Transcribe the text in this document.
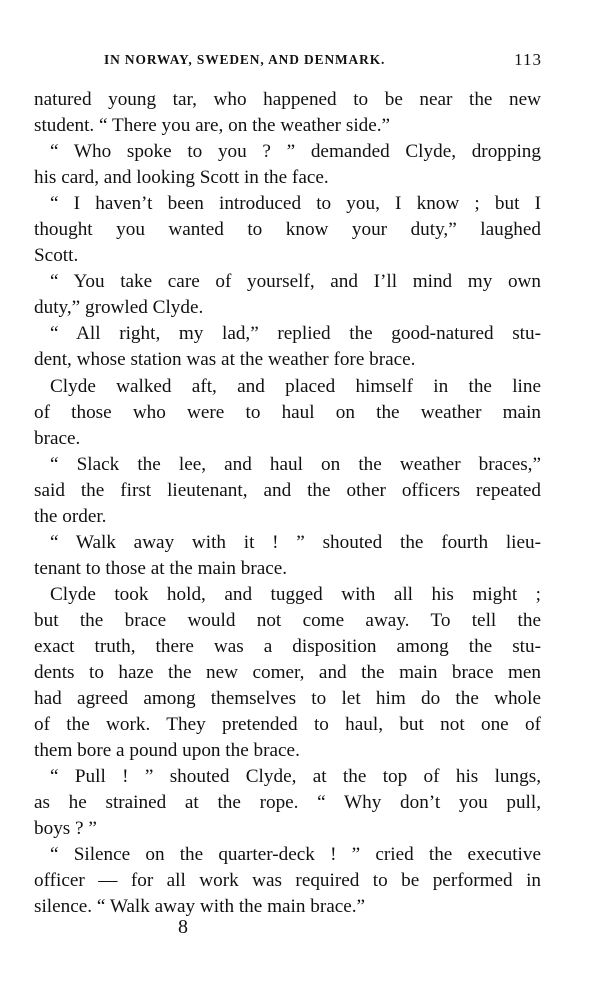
IN NORWAY, SWEDEN, AND DENMARK.	113
natured young tar, who happened to be near the new
student. “ There you are, on the weather side.”
“ Who spoke to you ? ” demanded Clyde, dropping
his card, and looking Scott in the face.
“ I haven’t been introduced to you, I know ; but I
thought you wanted to know your duty,” laughed
Scott.
“ You take care of yourself, and I’ll mind my own
duty,” growled Clyde.
“ All right, my lad,” replied the good-natured stu-
dent, whose station was at the weather fore brace.
Clyde walked aft, and placed himself in the line
of those who were to haul on the weather main
brace.
“ Slack the lee, and haul on the weather braces,”
said the first lieutenant, and the other officers repeated
the order.
“ Walk away with it ! ” shouted the fourth lieu-
tenant to those at the main brace.
Clyde took hold, and tugged with all his might ;
but the brace would not come away. To tell the
exact truth, there was a disposition among the stu-
dents to haze the new comer, and the main brace men
had agreed among themselves to let him do the whole
of the work. They pretended to haul, but not one of
them bore a pound upon the brace.
“ Pull ! ” shouted Clyde, at the top of his lungs,
as he strained at the rope. “ Why don’t you pull,
boys ? ”
“ Silence on the quarter-deck ! ” cried the executive
officer — for all work was required to be performed in
silence. “ Walk away with the main brace.”
8
